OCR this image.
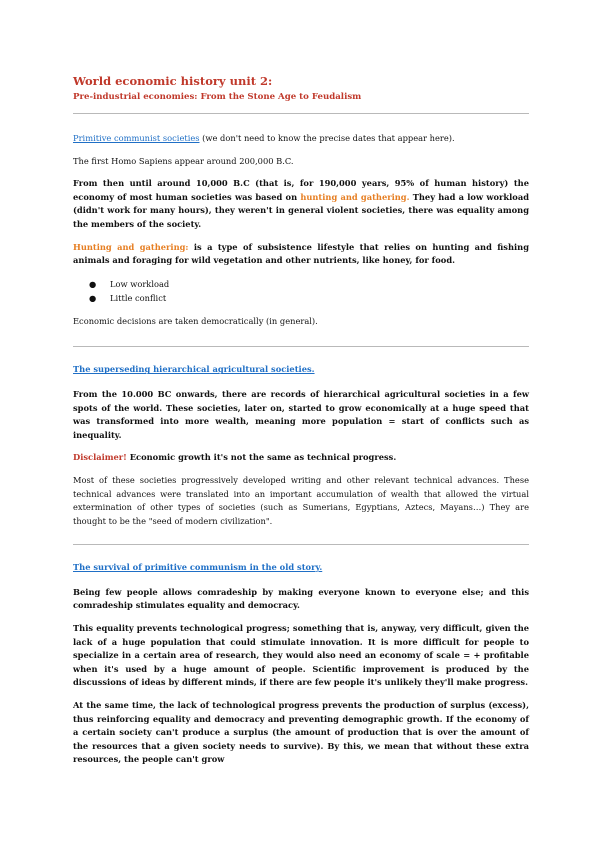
World economic history unit 2:
Pre-industrial economies: From the Stone Age to Feudalism

Primitive communist societies (we don't need to know the precise dates that appear here).

The first Homo Sapiens appear around 200,000 B.C.

From then until around 10,000 B.C (that is, for 190,000 years, 95% of human history) the economy of most human societies was based on hunting and gathering. They had a low workload (didn't work for many hours), they weren't in general violent societies, there was equality among the members of the society.

Hunting and gathering: is a type of subsistence lifestyle that relies on hunting and fishing animals and foraging for wild vegetation and other nutrients, like honey, for food.

● Low workload
● Little conflict

Economic decisions are taken democratically (in general).

The superseding hierarchical agricultural societies.

From the 10.000 BC onwards, there are records of hierarchical agricultural societies in a few spots of the world. These societies, later on, started to grow economically at a huge speed that was transformed into more wealth, meaning more population = start of conflicts such as inequality.

Disclaimer! Economic growth it's not the same as technical progress.

Most of these societies progressively developed writing and other relevant technical advances. These technical advances were translated into an important accumulation of wealth that allowed the virtual extermination of other types of societies (such as Sumerians, Egyptians, Aztecs, Mayans…) They are thought to be the "seed of modern civilization".

The survival of primitive communism in the old story.

Being few people allows comradeship by making everyone known to everyone else; and this comradeship stimulates equality and democracy.

This equality prevents technological progress; something that is, anyway, very difficult, given the lack of a huge population that could stimulate innovation. It is more difficult for people to specialize in a certain area of research, they would also need an economy of scale = + profitable when it's used by a huge amount of people. Scientific improvement is produced by the discussions of ideas by different minds, if there are few people it's unlikely they'll make progress.

At the same time, the lack of technological progress prevents the production of surplus (excess), thus reinforcing equality and democracy and preventing demographic growth. If the economy of a certain society can't produce a surplus (the amount of production that is over the amount of the resources that a given society needs to survive). By this, we mean that without these extra resources, the people can't grow
